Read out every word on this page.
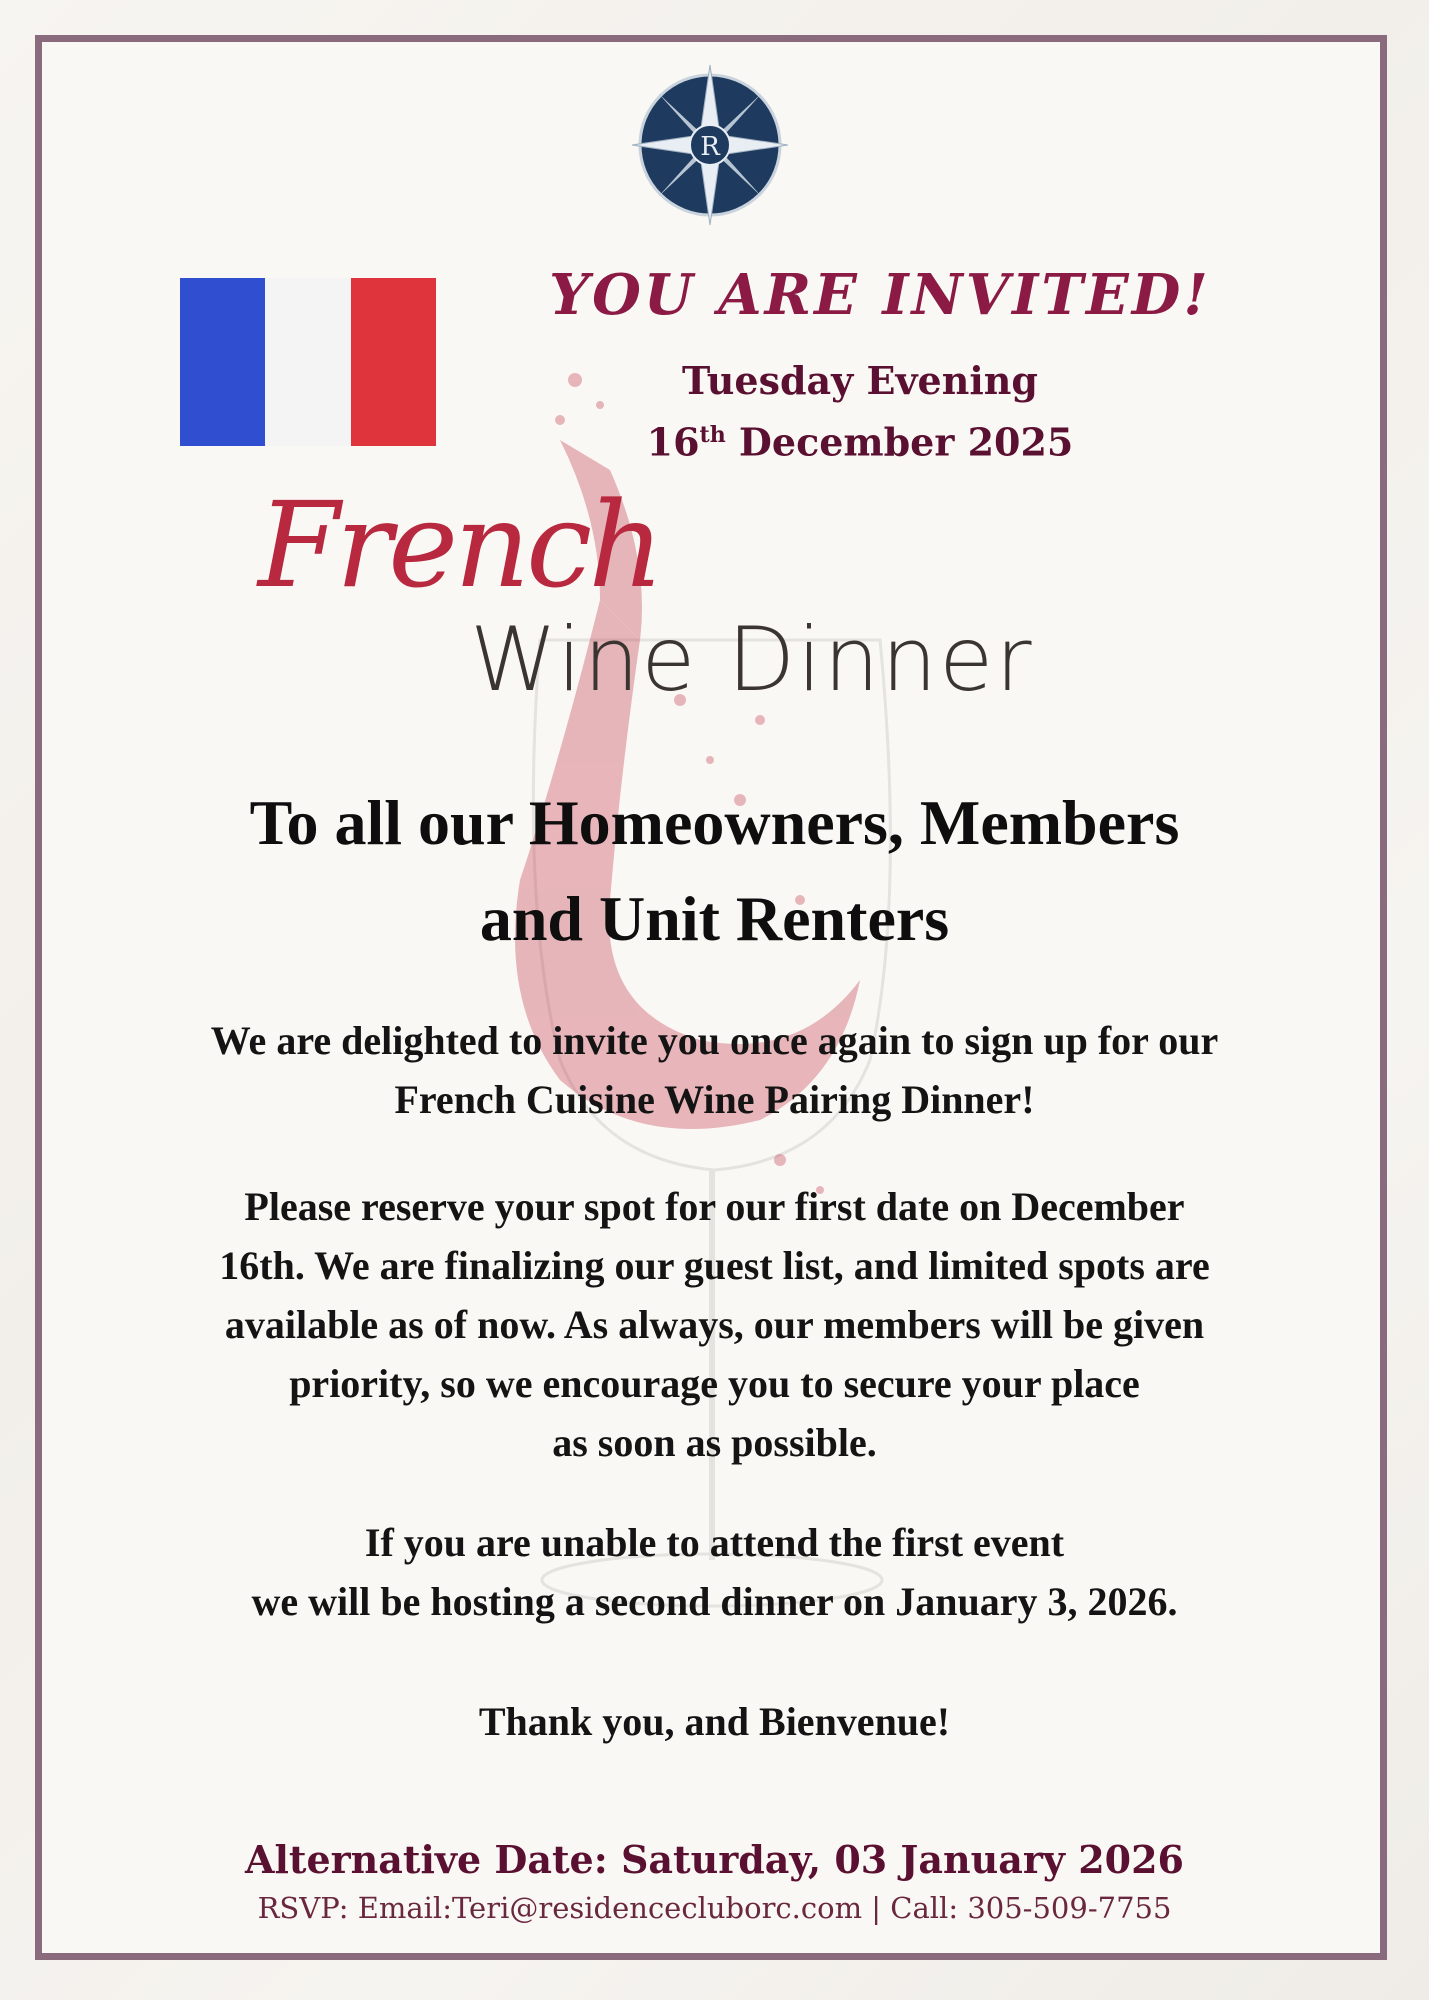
R
YOU ARE INVITED!
Tuesday Evening
16th December 2025
French
Wine Dinner
To all our Homeowners, Members
and Unit Renters
We are delighted to invite you once again to sign up for our
French Cuisine Wine Pairing Dinner!
Please reserve your spot for our first date on December
16th. We are finalizing our guest list, and limited spots are
available as of now. As always, our members will be given
priority, so we encourage you to secure your place
as soon as possible.
If you are unable to attend the first event
we will be hosting a second dinner on January 3, 2026.
Thank you, and Bienvenue!
Alternative Date: Saturday, 03 January 2026
RSVP: Email:Teri@residencecluborc.com | Call: 305-509-7755
